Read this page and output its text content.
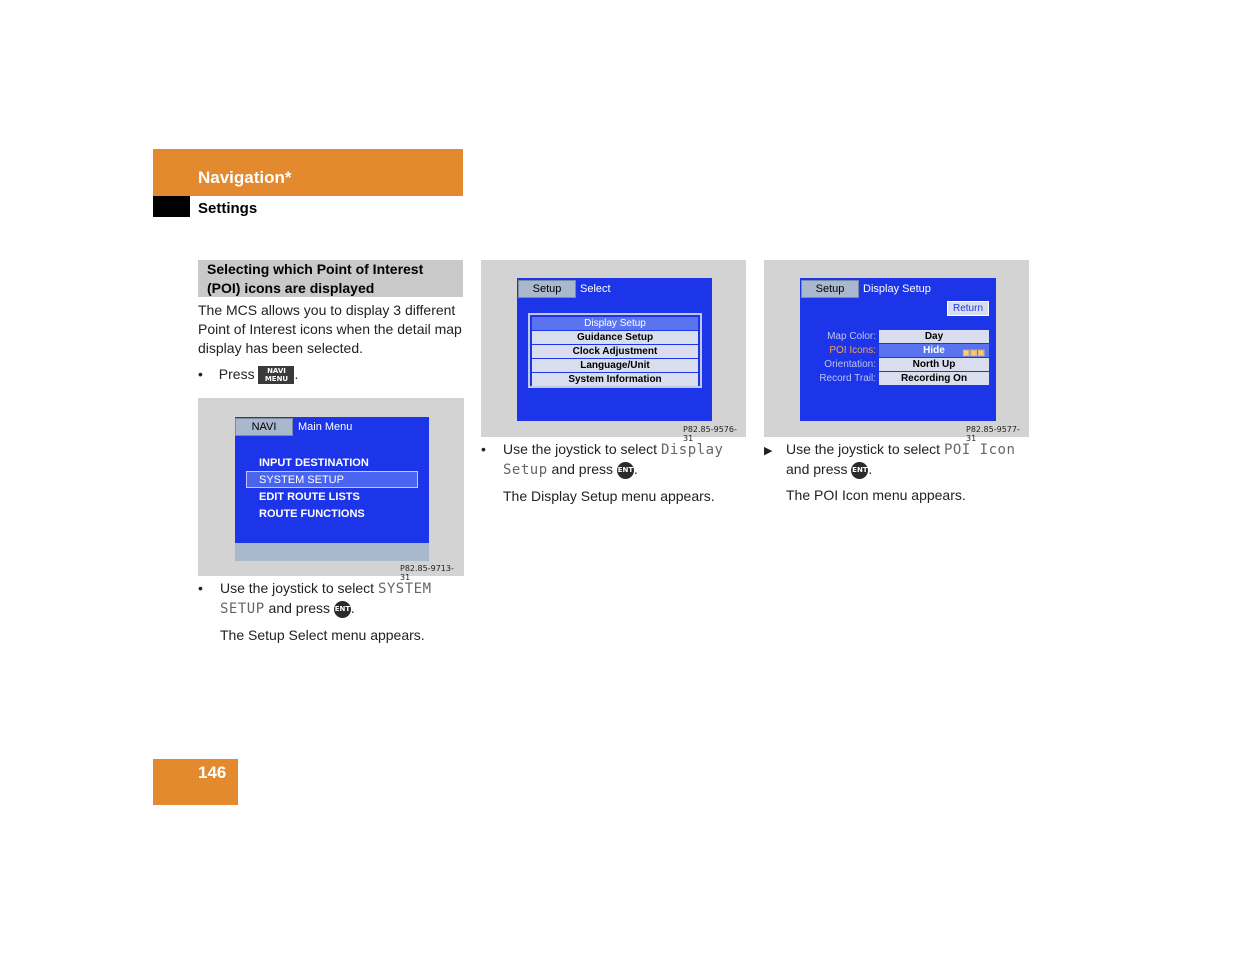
Navigation*
Settings
Selecting which Point of Interest (POI) icons are displayed
The MCS allows you to display 3 different Point of Interest icons when the detail map display has been selected.
• Press NAVI
MENU .
NAVI	Main Menu
INPUT DESTINATION
SYSTEM SETUP
EDIT ROUTE LISTS
ROUTE FUNCTIONS
P82.85-9713-31
• Use the joystick to select SYSTEM SETUP and press ENT.
The Setup Select menu appears.
Setup	Select
Display Setup
Guidance Setup
Clock Adjustment
Language/Unit
System Information
P82.85-9576-31
• Use the joystick to select Display Setup and press ENT.
The Display Setup menu appears.
Setup	Display Setup
Return
Map Color:	Day
POI Icons:	Hide ▣▣▣
Orientation:	North Up
Record Trail:	Recording On
P82.85-9577-31
▶ Use the joystick to select POI Icon and press ENT.
The POI Icon menu appears.
146
